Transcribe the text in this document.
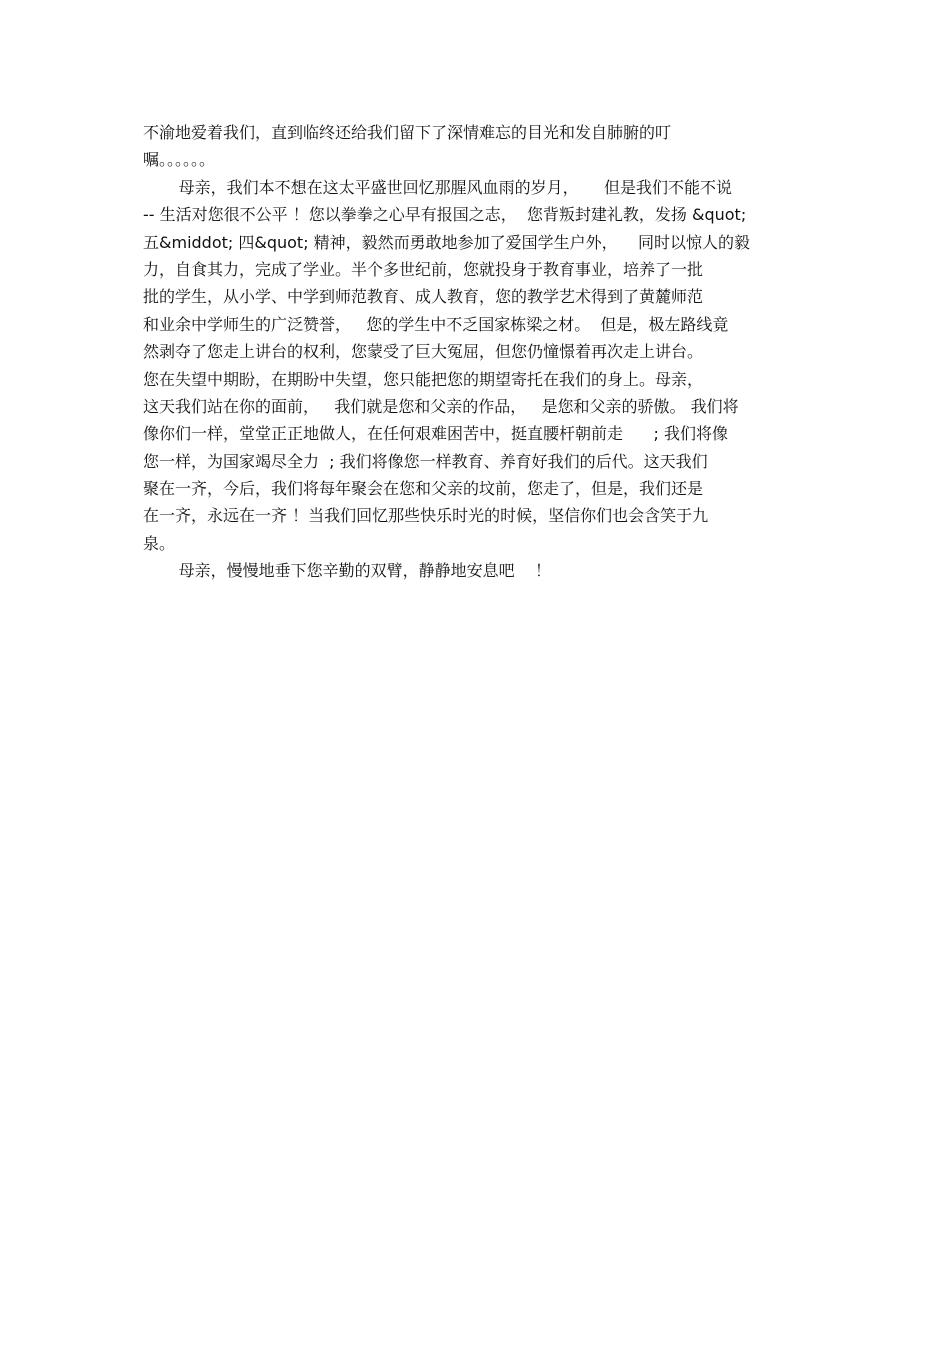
不渝地爱着我们，直到临终还给我们留下了深情难忘的目光和发自肺腑的叮
嘱。。。。。。
母亲，我们本不想在这太平盛世回忆那腥风血雨的岁月，     但是我们不能不说
-- 生活对您很不公平 ！您以拳拳之心早有报国之志，  您背叛封建礼教，发扬 &quot;
五&middot; 四&quot; 精神，毅然而勇敢地参加了爱国学生户外，    同时以惊人的毅
力，自食其力，完成了学业。半个多世纪前，您就投身于教育事业，培养了一批
批的学生，从小学、中学到师范教育、成人教育，您的教学艺术得到了黄麓师范
和业余中学师生的广泛赞誉，   您的学生中不乏国家栋梁之材。  但是，极左路线竟
然剥夺了您走上讲台的权利，您蒙受了巨大冤屈，但您仍憧憬着再次走上讲台。
您在失望中期盼，在期盼中失望，您只能把您的期望寄托在我们的身上。母亲，
这天我们站在你的面前，   我们就是您和父亲的作品，   是您和父亲的骄傲。 我们将
像你们一样，堂堂正正地做人，在任何艰难困苦中，挺直腰杆朝前走      ; 我们将像
您一样，为国家竭尽全力  ; 我们将像您一样教育、养育好我们的后代。这天我们
聚在一齐，今后，我们将每年聚会在您和父亲的坟前，您走了，但是，我们还是
在一齐，永远在一齐 ！当我们回忆那些快乐时光的时候，坚信你们也会含笑于九
泉。
母亲，慢慢地垂下您辛勤的双臂，静静地安息吧    ！
